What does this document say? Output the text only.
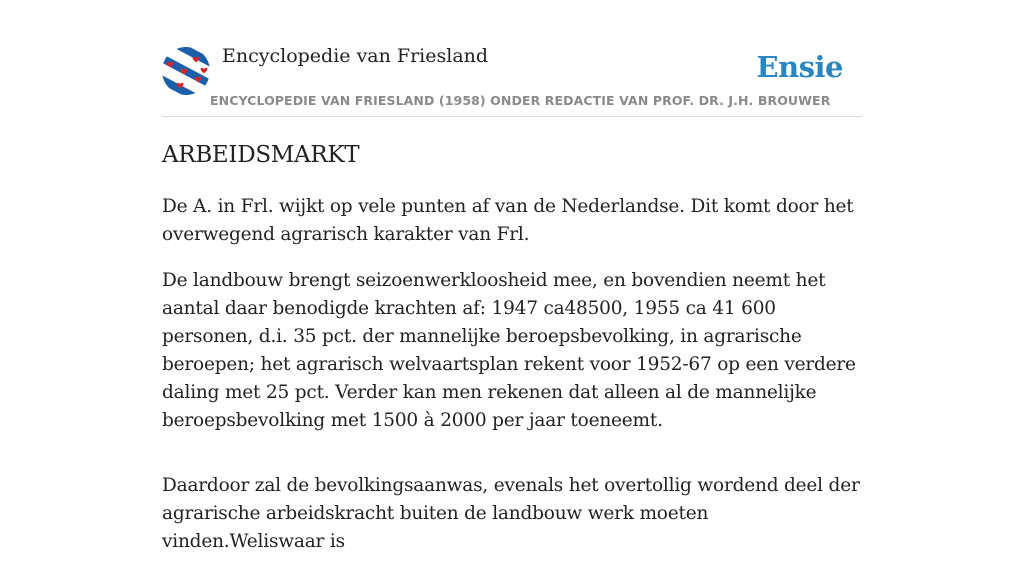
Encyclopedie van Friesland	Ensie
ENCYCLOPEDIE VAN FRIESLAND (1958) ONDER REDACTIE VAN PROF. DR. J.H. BROUWER
ARBEIDSMARKT

De A. in Frl. wijkt op vele punten af van de Nederlandse. Dit komt door het overwegend agrarisch karakter van Frl.

De landbouw brengt seizoenwerkloosheid mee, en bovendien neemt het aantal daar benodigde krachten af: 1947 ca48500, 1955 ca 41 600 personen, d.i. 35 pct. der mannelijke beroepsbevolking, in agrarische beroepen; het agrarisch welvaartsplan rekent voor 1952-67 op een verdere daling met 25 pct. Verder kan men rekenen dat alleen al de mannelijke beroepsbevolking met 1500 à 2000 per jaar toeneemt.

Daardoor zal de bevolkingsaanwas, evenals het overtollig wordend deel der agrarische arbeidskracht buiten de landbouw werk moeten vinden.Weliswaar is
